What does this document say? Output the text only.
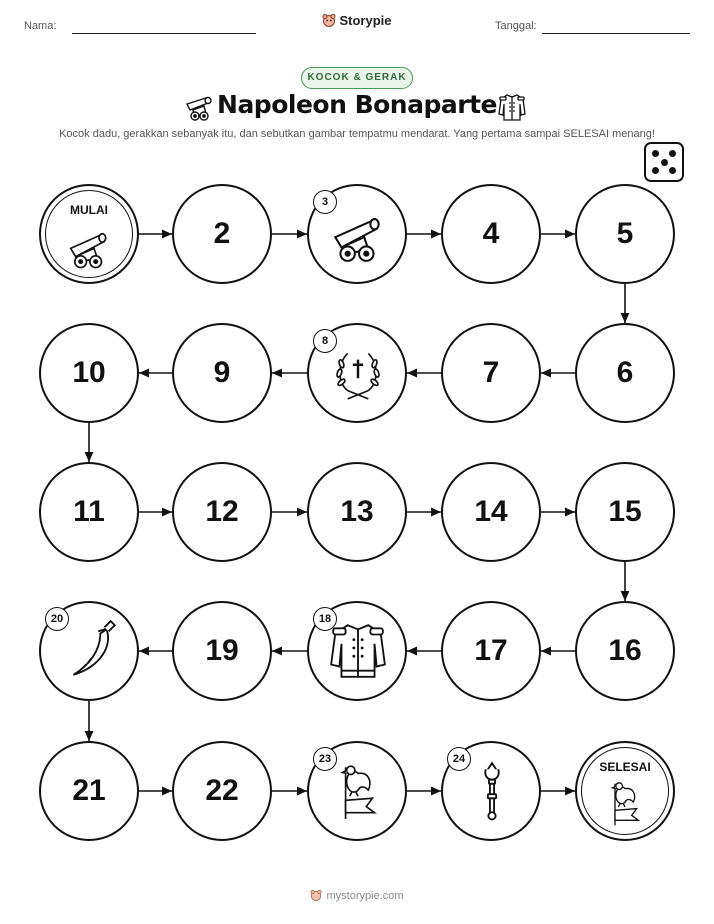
Nama:	Storypie	Tanggal:
KOCOK & GERAK
Napoleon Bonaparte
Kocok dadu, gerakkan sebanyak itu, dan sebutkan gambar tempatmu mendarat. Yang pertama sampai SELESAI menang!
MULAI
2
3
4	5
6
7
8
9
10
11	12	13	14	15
16
17
18
19
20
21	22
23	24
SELESAI
mystorypie.com
